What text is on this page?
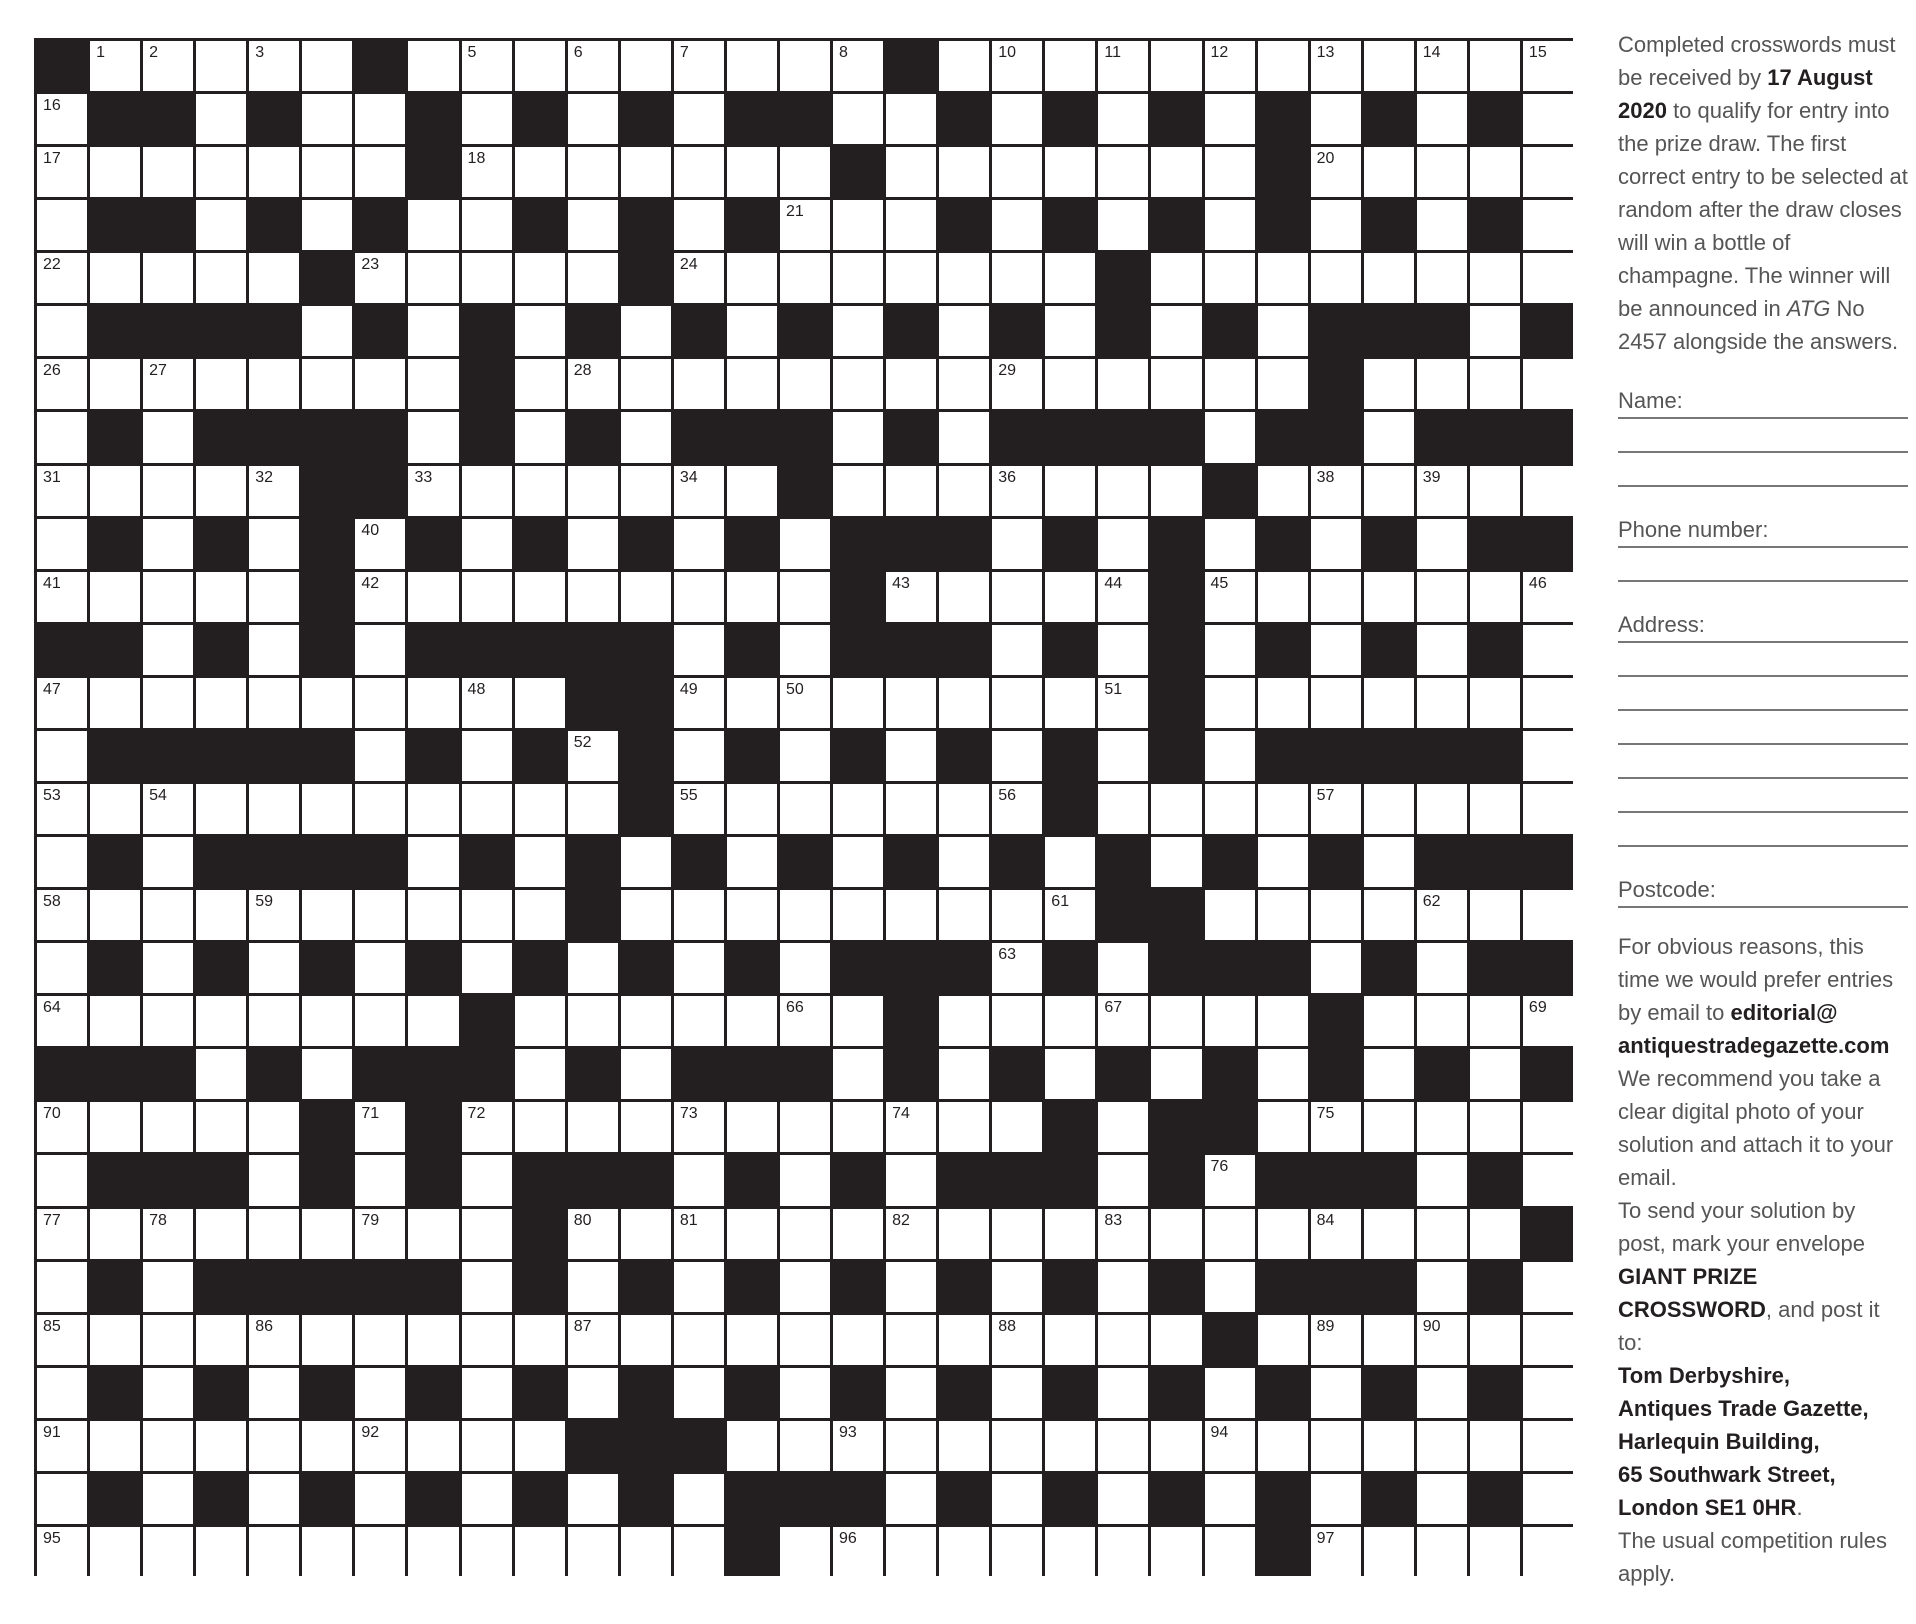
1	2	3	5	6	7	8	10	11	12	13	14	15
16
17	18	20
21
22	23	24
26	27	28	29
31	32	33	34	36	38	39
40
41	42	43	44	45	46
47	48	49	50	51
52
53	54	55	56	57
58	59	61	62
63
64	66	67	69
70	71	72	73	74	75
76
77	78	79	80	81	82	83	84
85	86	87	88	89	90
91	92	93	94
95	96	97

Completed crosswords must be received by 17 August 2020 to qualify for entry into the prize draw. The first correct entry to be selected at random after the draw closes will win a bottle of champagne. The winner will be announced in ATG No 2457 alongside the answers.

Name:

Phone number:

Address:

Postcode:

For obvious reasons, this time we would prefer entries by email to editorial@ antiquestradegazette.com

We recommend you take a clear digital photo of your solution and attach it to your email.

To send your solution by post, mark your envelope GIANT PRIZE CROSSWORD, and post it to:

Tom Derbyshire,
Antiques Trade Gazette,
Harlequin Building,
65 Southwark Street,
London SE1 0HR.

The usual competition rules apply.
